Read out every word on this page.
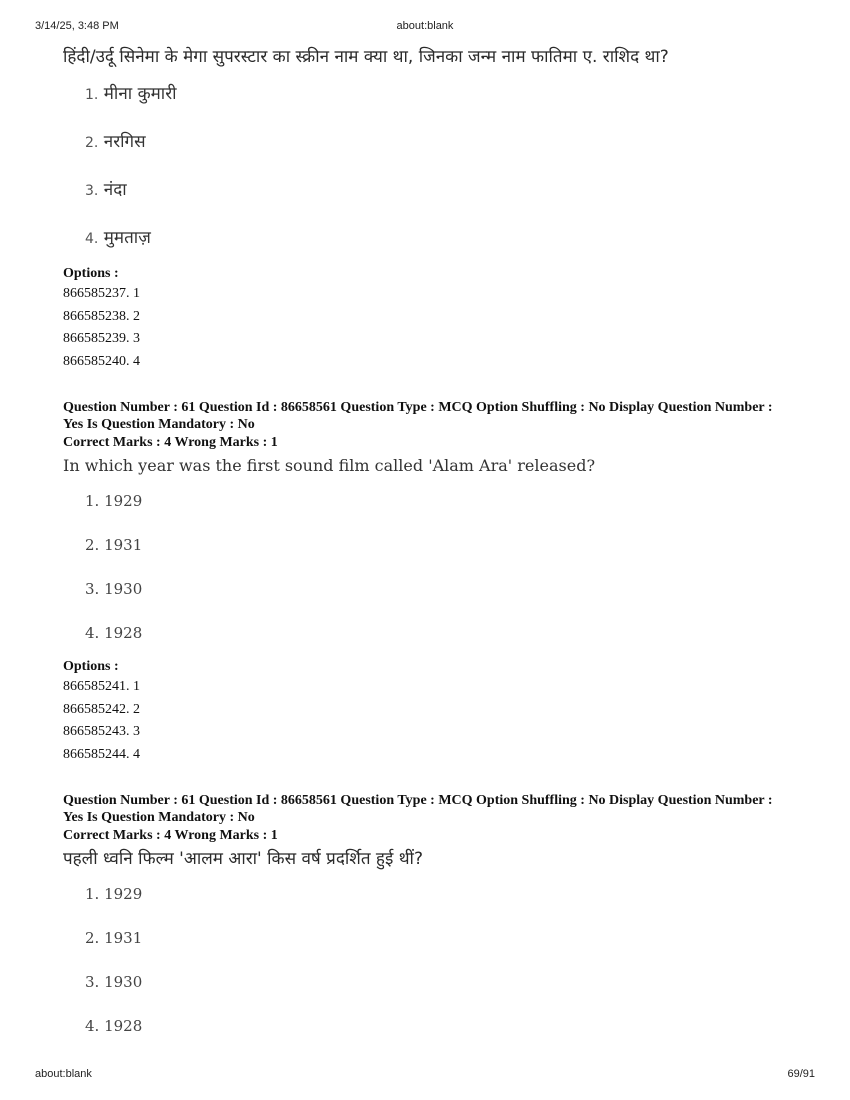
3/14/25, 3:48 PM	about:blank
हिंदी/उर्दू सिनेमा के मेगा सुपरस्टार का स्क्रीन नाम क्या था, जिनका जन्म नाम फातिमा ए. राशिद था?
1. मीना कुमारी
2. नरगिस
3. नंदा
4. मुमताज़
Options :
866585237. 1
866585238. 2
866585239. 3
866585240. 4
Question Number : 61 Question Id : 86658561 Question Type : MCQ Option Shuffling : No Display Question Number : Yes Is Question Mandatory : No
Correct Marks : 4 Wrong Marks : 1
In which year was the first sound film called 'Alam Ara' released?
1. 1929
2. 1931
3. 1930
4. 1928
Options :
866585241. 1
866585242. 2
866585243. 3
866585244. 4
Question Number : 61 Question Id : 86658561 Question Type : MCQ Option Shuffling : No Display Question Number : Yes Is Question Mandatory : No
Correct Marks : 4 Wrong Marks : 1
पहली ध्वनि फिल्म 'आलम आरा' किस वर्ष प्रदर्शित हुई थीं?
1. 1929
2. 1931
3. 1930
4. 1928
about:blank	69/91
